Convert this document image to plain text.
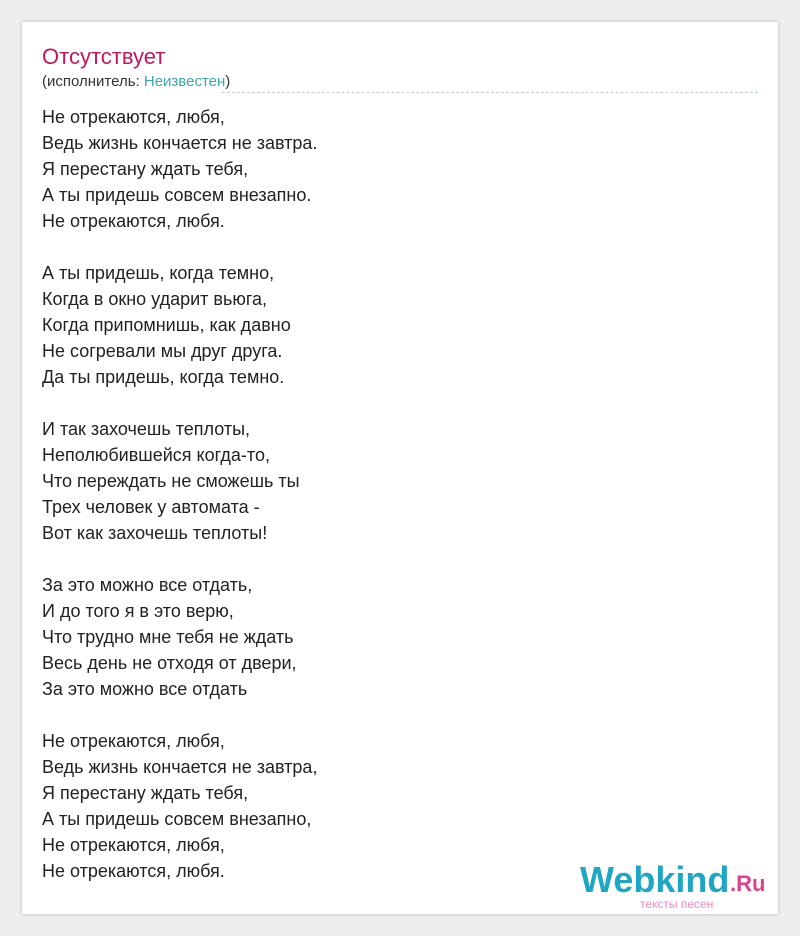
Отсутствует
(исполнитель: Неизвестен)
Не отрекаются, любя,
Ведь жизнь кончается не завтра.
Я перестану ждать тебя,
А ты придешь совсем внезапно.
Не отрекаются, любя.
А ты придешь, когда темно,
Когда в окно ударит вьюга,
Когда припомнишь, как давно
Не согревали мы друг друга.
Да ты придешь, когда темно.
И так захочешь теплоты,
Неполюбившейся когда-то,
Что переждать не сможешь ты
Трех человек у автомата -
Вот как захочешь теплоты!
За это можно все отдать,
И до того я в это верю,
Что трудно мне тебя не ждать
Весь день не отходя от двери,
За это можно все отдать
Не отрекаются, любя,
Ведь жизнь кончается не завтра,
Я перестану ждать тебя,
А ты придешь совсем внезапно,
Не отрекаются, любя,
Не отрекаются, любя.	Webkind .Ru
тексты песен
